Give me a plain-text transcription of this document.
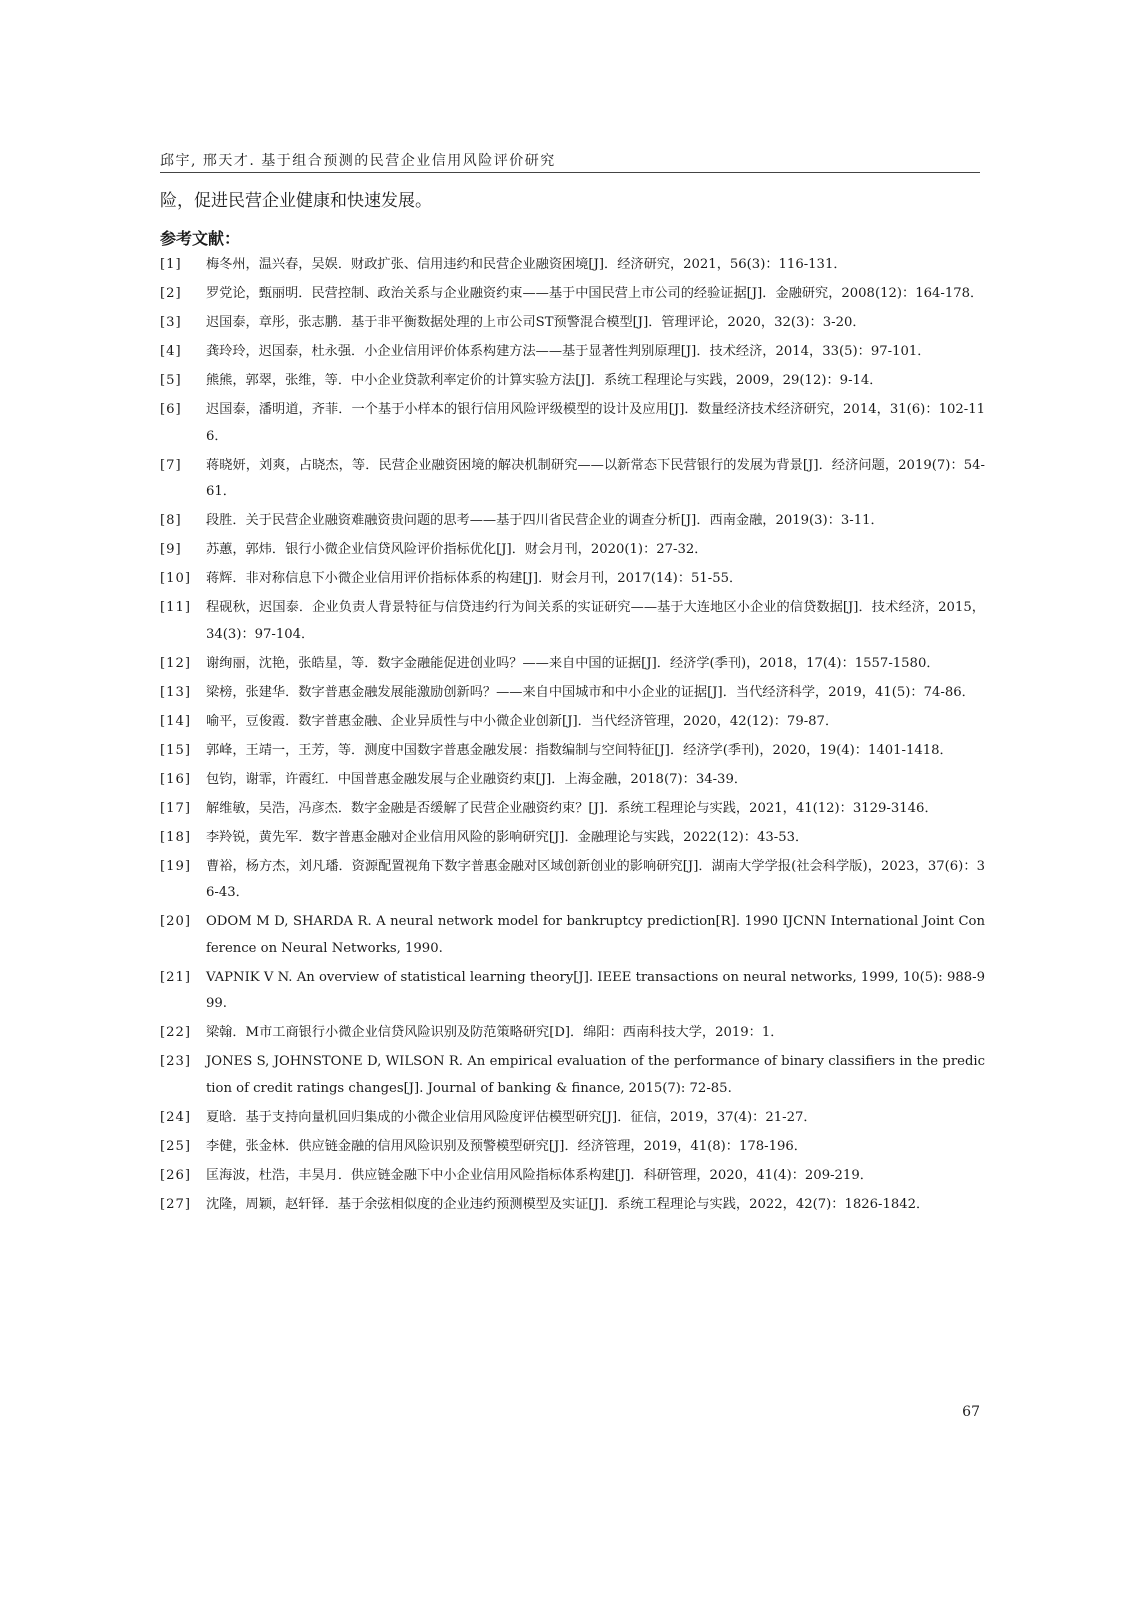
邱宇, 邢天才. 基于组合预测的民营企业信用风险评价研究
险，促进民营企业健康和快速发展。
参考文献：
[1]	梅冬州，温兴春，吴娱．财政扩张、信用违约和民营企业融资困境[J]．经济研究，2021，56(3)：116-131．
[2]	罗党论，甄丽明．民营控制、政治关系与企业融资约束——基于中国民营上市公司的经验证据[J]．金融研究，2008(12)：164-178．
[3]	迟国泰，章彤，张志鹏．基于非平衡数据处理的上市公司ST预警混合模型[J]．管理评论，2020，32(3)：3-20．
[4]	龚玲玲，迟国泰，杜永强．小企业信用评价体系构建方法——基于显著性判别原理[J]．技术经济，2014，33(5)：97-101．
[5]	熊熊，郭翠，张维，等．中小企业贷款利率定价的计算实验方法[J]．系统工程理论与实践，2009，29(12)：9-14．
[6]	迟国泰，潘明道，齐菲．一个基于小样本的银行信用风险评级模型的设计及应用[J]．数量经济技术经济研究，2014，31(6)：102-116．
[7]	蒋晓妍，刘爽，占晓杰，等．民营企业融资困境的解决机制研究——以新常态下民营银行的发展为背景[J]．经济问题，2019(7)：54-61．
[8]	段胜．关于民营企业融资难融资贵问题的思考——基于四川省民营企业的调查分析[J]．西南金融，2019(3)：3-11．
[9]	苏蕙，郭炜．银行小微企业信贷风险评价指标优化[J]．财会月刊，2020(1)：27-32．
[10]	蒋辉．非对称信息下小微企业信用评价指标体系的构建[J]．财会月刊，2017(14)：51-55．
[11]	程砚秋，迟国泰．企业负责人背景特征与信贷违约行为间关系的实证研究——基于大连地区小企业的信贷数据[J]．技术经济，2015，34(3)：97-104．
[12]	谢绚丽，沈艳，张皓星，等．数字金融能促进创业吗？——来自中国的证据[J]．经济学(季刊)，2018，17(4)：1557-1580．
[13]	梁榜，张建华．数字普惠金融发展能激励创新吗？——来自中国城市和中小企业的证据[J]．当代经济科学，2019，41(5)：74-86．
[14]	喻平，豆俊霞．数字普惠金融、企业异质性与中小微企业创新[J]．当代经济管理，2020，42(12)：79-87．
[15]	郭峰，王靖一，王芳，等．测度中国数字普惠金融发展：指数编制与空间特征[J]．经济学(季刊)，2020，19(4)：1401-1418．
[16]	包钧，谢霏，许霞红．中国普惠金融发展与企业融资约束[J]．上海金融，2018(7)：34-39．
[17]	解维敏，吴浩，冯彦杰．数字金融是否缓解了民营企业融资约束？[J]．系统工程理论与实践，2021，41(12)：3129-3146．
[18]	李羚锐，黄先军．数字普惠金融对企业信用风险的影响研究[J]．金融理论与实践，2022(12)：43-53．
[19]	曹裕，杨方杰，刘凡璠．资源配置视角下数字普惠金融对区域创新创业的影响研究[J]．湖南大学学报(社会科学版)，2023，37(6)：36-43．
[20]	ODOM M D, SHARDA R. A neural network model for bankruptcy prediction[R]. 1990 IJCNN International Joint Conference on Neural Networks, 1990.
[21]	VAPNIK V N. An overview of statistical learning theory[J]. IEEE transactions on neural networks, 1999, 10(5): 988-999.
[22]	梁翰．M市工商银行小微企业信贷风险识别及防范策略研究[D]．绵阳：西南科技大学，2019：1．
[23]	JONES S, JOHNSTONE D, WILSON R. An empirical evaluation of the performance of binary classifiers in the prediction of credit ratings changes[J]. Journal of banking & finance, 2015(7): 72-85.
[24]	夏晗．基于支持向量机回归集成的小微企业信用风险度评估模型研究[J]．征信，2019，37(4)：21-27．
[25]	李健，张金林．供应链金融的信用风险识别及预警模型研究[J]．经济管理，2019，41(8)：178-196．
[26]	匡海波，杜浩，丰昊月．供应链金融下中小企业信用风险指标体系构建[J]．科研管理，2020，41(4)：209-219．
[27]	沈隆，周颖，赵轩铎．基于余弦相似度的企业违约预测模型及实证[J]．系统工程理论与实践，2022，42(7)：1826-1842．
67
